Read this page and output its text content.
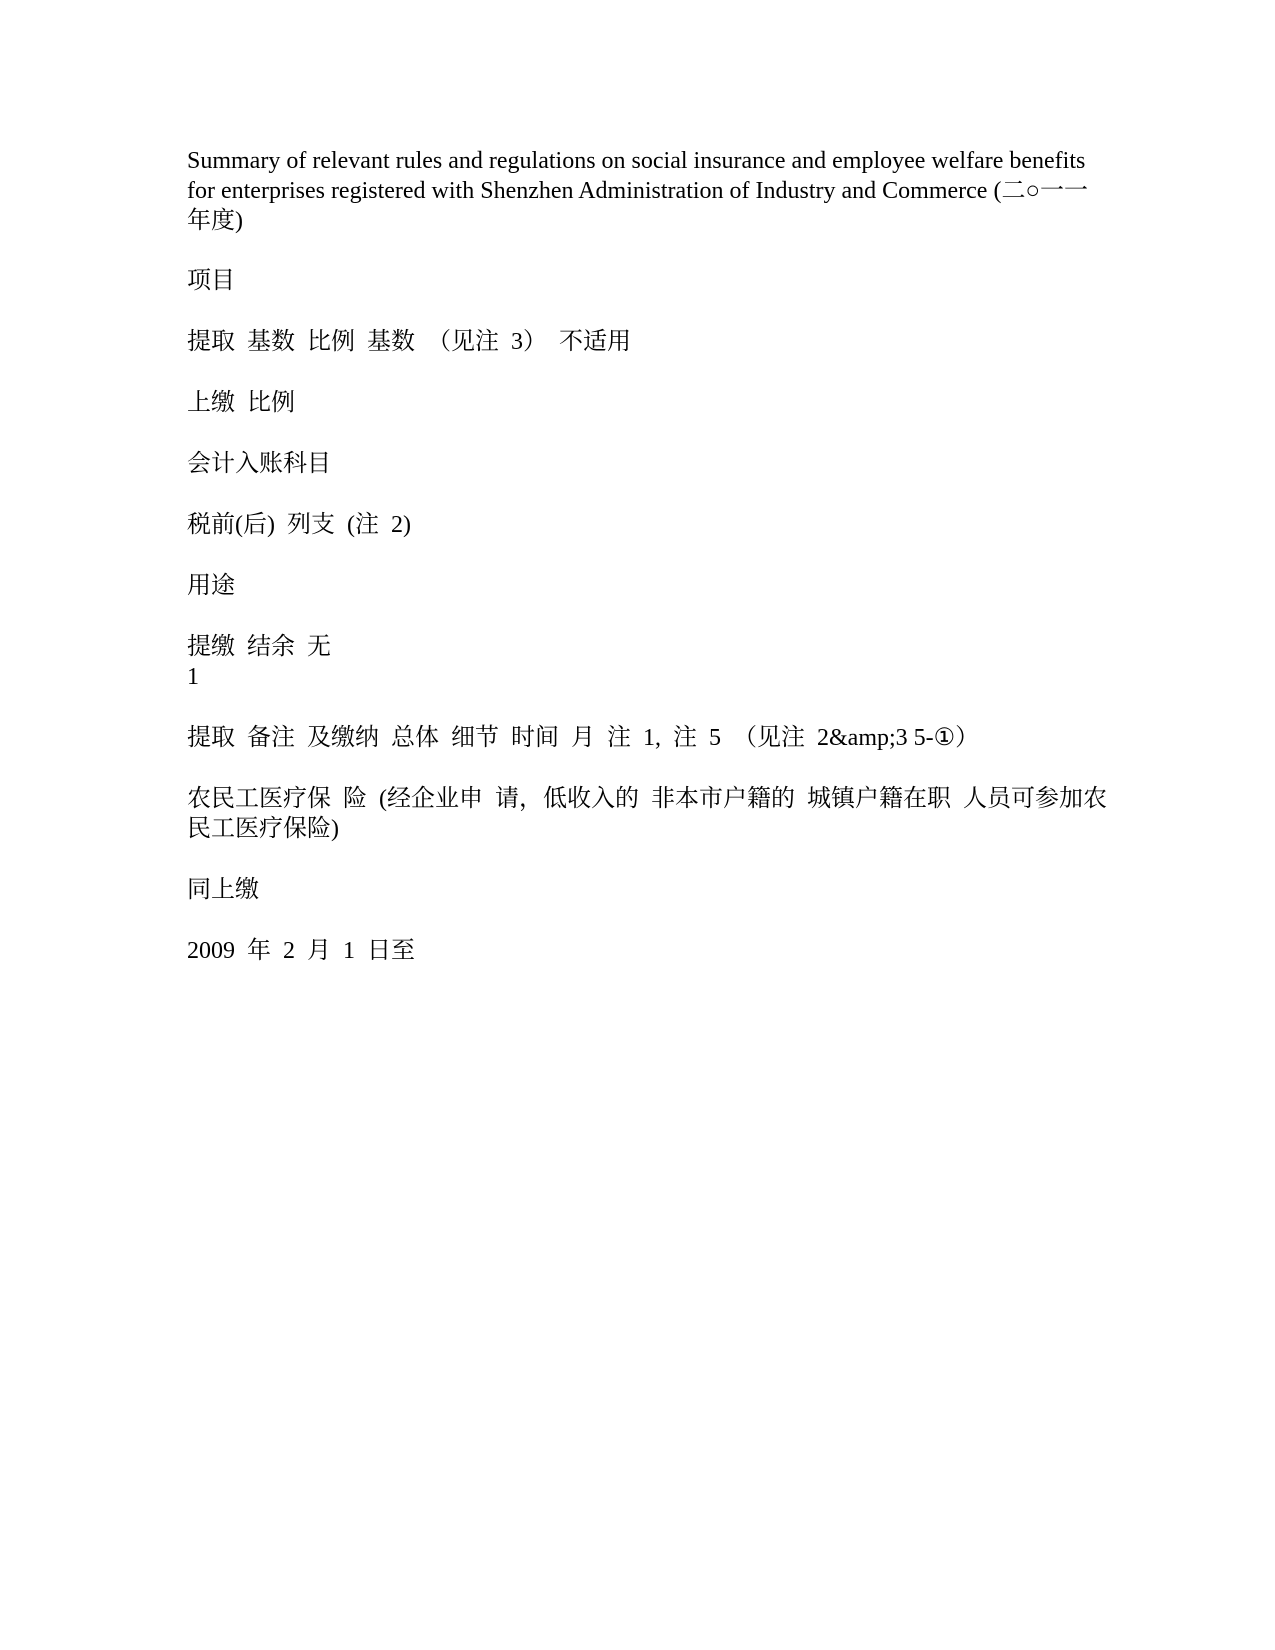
Summary of relevant rules and regulations on social insurance and employee welfare benefits for enterprises registered with Shenzhen Administration of Industry and Commerce (二○一一年度)

项目

提取  基数  比例  基数  （见注  3）  不适用

上缴  比例

会计入账科目

税前(后)  列支  (注  2)

用途

提缴  结余  无

1

提取  备注  及缴纳  总体  细节  时间  月  注  1,  注  5  （见注  2&amp;3 5-①）

农民工医疗保  险  (经企业申  请，低收入的  非本市户籍的  城镇户籍在职  人员可参加农  民工医疗保险)

同上缴

2009  年  2  月  1  日至
